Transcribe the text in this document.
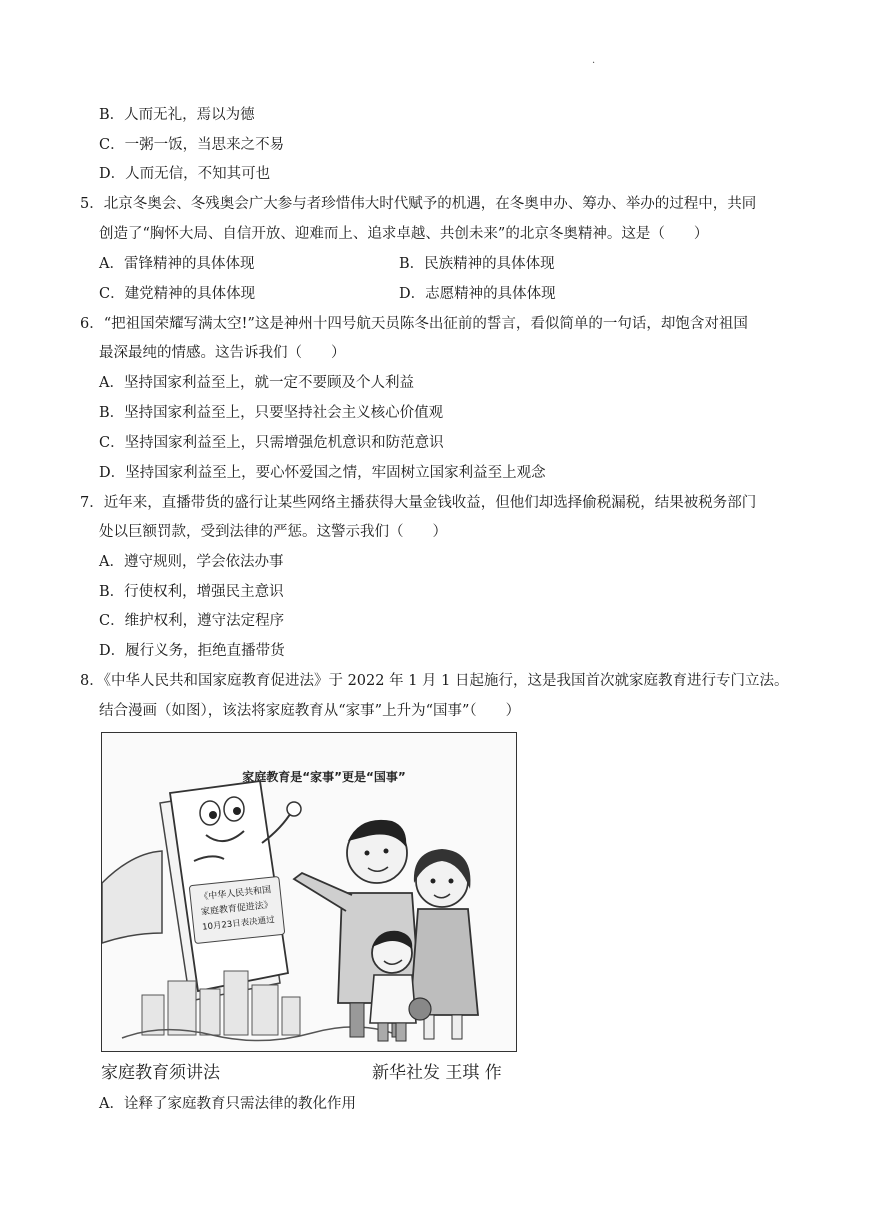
·
B．人而无礼，焉以为德
C．一粥一饭，当思来之不易
D．人而无信，不知其可也
5．北京冬奥会、冬残奥会广大参与者珍惜伟大时代赋予的机遇，在冬奥申办、筹办、举办的过程中，共同
创造了“胸怀大局、自信开放、迎难而上、追求卓越、共创未来”的北京冬奥精神。这是（　　）
A．雷锋精神的具体体现	B．民族精神的具体体现
C．建党精神的具体体现	D．志愿精神的具体体现
6．“把祖国荣耀写满太空!”这是神州十四号航天员陈冬出征前的誓言，看似简单的一句话，却饱含对祖国
最深最纯的情感。这告诉我们（　　）
A．坚持国家利益至上，就一定不要顾及个人利益
B．坚持国家利益至上，只要坚持社会主义核心价值观
C．坚持国家利益至上，只需增强危机意识和防范意识
D．坚持国家利益至上，要心怀爱国之情，牢固树立国家利益至上观念
7．近年来，直播带货的盛行让某些网络主播获得大量金钱收益，但他们却选择偷税漏税，结果被税务部门
处以巨额罚款，受到法律的严惩。这警示我们（　　）
A．遵守规则，学会依法办事
B．行使权利，增强民主意识
C．维护权利，遵守法定程序
D．履行义务，拒绝直播带货
8．《中华人民共和国家庭教育促进法》于 2022 年 1 月 1 日起施行，这是我国首次就家庭教育进行专门立法。
结合漫画（如图），该法将家庭教育从“家事”上升为“国事”（　　）
家庭教育是“家事”更是“国事”
《中华人民共和国
家庭教育促进法》
10月23日表决通过
家庭教育须讲法	新华社发 王琪 作
A．诠释了家庭教育只需法律的教化作用
